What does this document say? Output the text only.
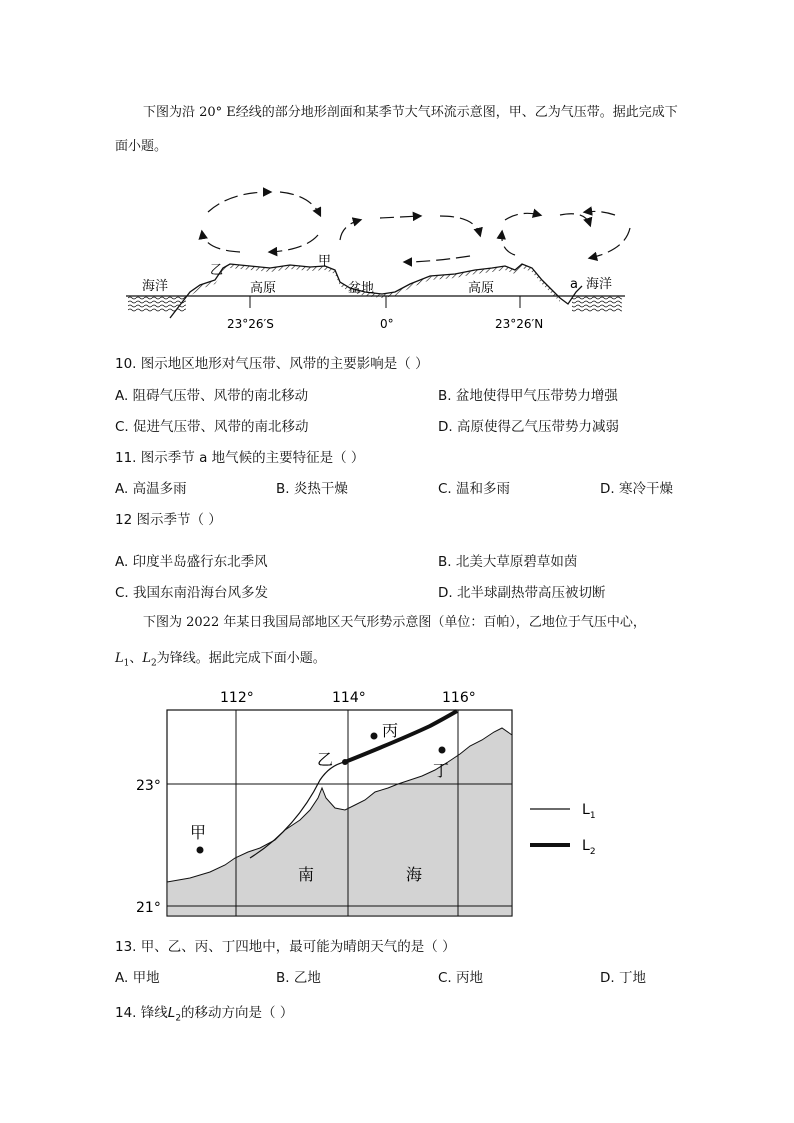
下图为沿 20° E经线的部分地形剖面和某季节大气环流示意图，甲、乙为气压带。据此完成下面小题。

海洋	海洋
高原	高原
盆地
乙
甲
a
23°26′S	0°	23°26′N

10. 图示地区地形对气压带、风带的主要影响是（ ）

A. 阻碍气压带、风带的南北移动	B. 盆地使得甲气压带势力增强

C. 促进气压带、风带的南北移动	D. 高原使得乙气压带势力减弱

11. 图示季节 a 地气候的主要特征是（ ）

A. 高温多雨	B. 炎热干燥	C. 温和多雨	D. 寒冷干燥

12 图示季节（ ）

A. 印度半岛盛行东北季风	B. 北美大草原碧草如茵

C. 我国东南沿海台风多发	D. 北半球副热带高压被切断

下图为 2022 年某日我国局部地区天气形势示意图（单位：百帕），乙地位于气压中心，

$L_1$、$L_2$为锋线。据此完成下面小题。

甲
乙
丙
丁
南	海
112°	114°	116°
23°
21°
$L_1$
$L_2$

13. 甲、乙、丙、丁四地中，最可能为晴朗天气的是（ ）

A. 甲地	B. 乙地	C. 丙地	D. 丁地

14. 锋线$L_2$的移动方向是（ ）
